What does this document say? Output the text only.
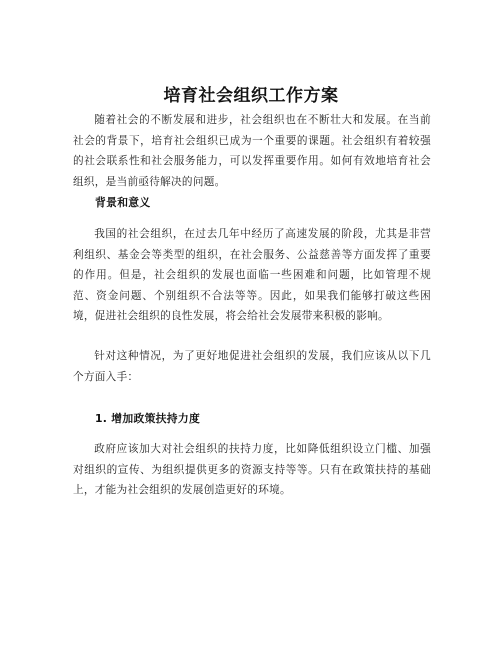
培育社会组织工作方案
随着社会的不断发展和进步，社会组织也在不断壮大和发展。在当前社会的背景下，培育社会组织已成为一个重要的课题。社会组织有着较强的社会联系性和社会服务能力，可以发挥重要作用。如何有效地培育社会组织，是当前亟待解决的问题。
背景和意义
我国的社会组织，在过去几年中经历了高速发展的阶段，尤其是非营利组织、基金会等类型的组织，在社会服务、公益慈善等方面发挥了重要的作用。但是，社会组织的发展也面临一些困难和问题，比如管理不规范、资金问题、个别组织不合法等等。因此，如果我们能够打破这些困境，促进社会组织的良性发展，将会给社会发展带来积极的影响。
针对这种情况，为了更好地促进社会组织的发展，我们应该从以下几个方面入手：
1. 增加政策扶持力度
政府应该加大对社会组织的扶持力度，比如降低组织设立门槛、加强对组织的宣传、为组织提供更多的资源支持等等。只有在政策扶持的基础上，才能为社会组织的发展创造更好的环境。
